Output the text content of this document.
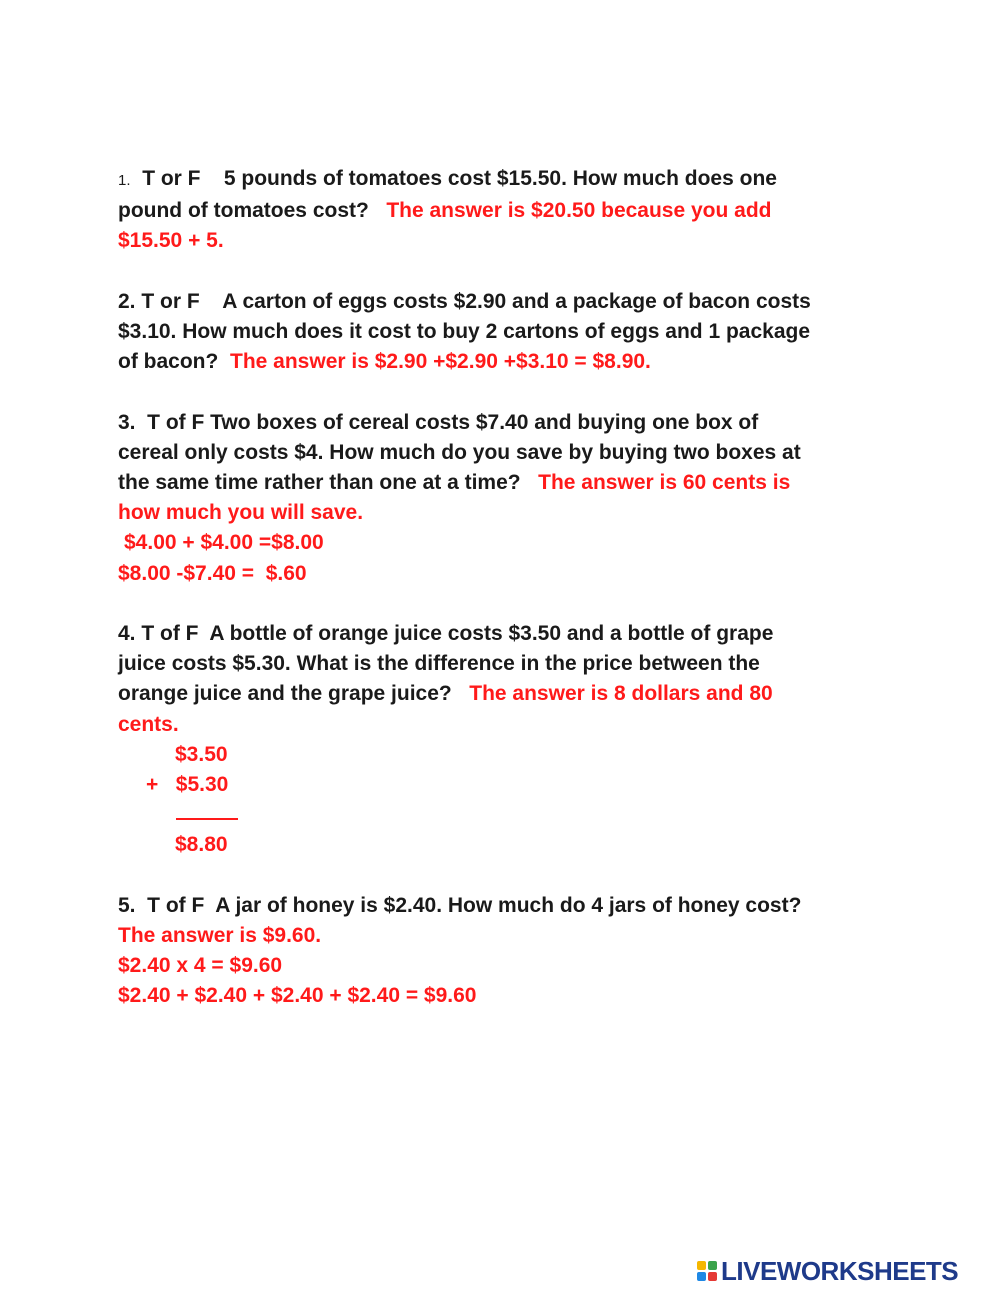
1. T or F    5 pounds of tomatoes cost $15.50. How much does one
pound of tomatoes cost?   The answer is $20.50 because you add
$15.50 + 5.
2. T or F    A carton of eggs costs $2.90 and a package of bacon costs
$3.10. How much does it cost to buy 2 cartons of eggs and 1 package
of bacon?  The answer is $2.90 +$2.90 +$3.10 = $8.90.
3.  T of F Two boxes of cereal costs $7.40 and buying one box of
cereal only costs $4. How much do you save by buying two boxes at
the same time rather than one at a time?   The answer is 60 cents is
how much you will save.
$4.00 + $4.00 =$8.00
$8.00 -$7.40 =  $.60
4. T of F  A bottle of orange juice costs $3.50 and a bottle of grape
juice costs $5.30. What is the difference in the price between the
orange juice and the grape juice?   The answer is 8 dollars and 80
cents.
$3.50
+ $5.30
$8.80
5.  T of F  A jar of honey is $2.40. How much do 4 jars of honey cost?
The answer is $9.60.
$2.40 x 4 = $9.60
$2.40 + $2.40 + $2.40 + $2.40 = $9.60
LIVEWORKSHEETS
